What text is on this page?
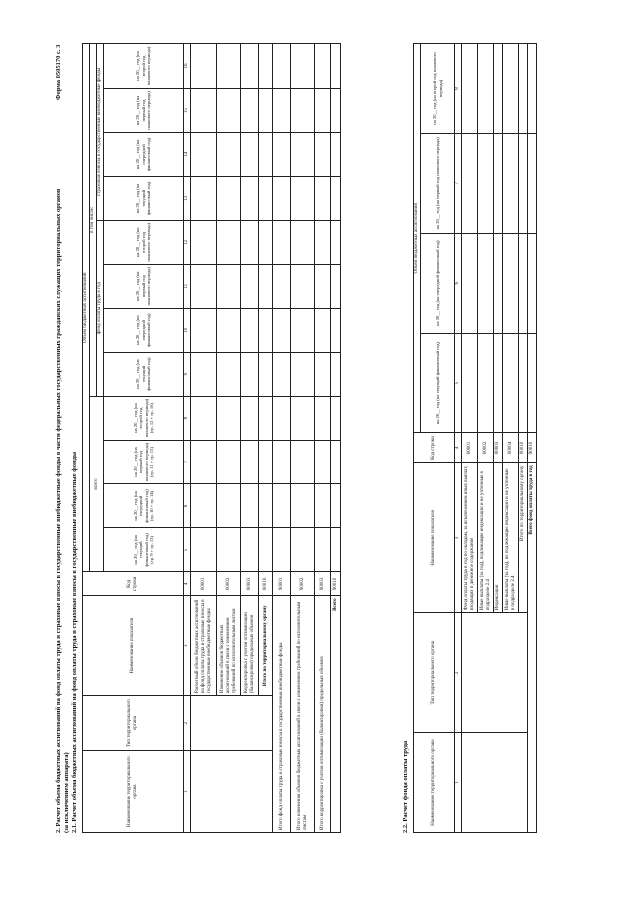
Форма 0505170 с. 3
2. Расчет объема бюджетных ассигнований на фонд оплаты труда и страховые взносы в государственные внебюджетные фонды в части федеральных государственных гражданских служащих территориальных органов (за исключением аппарата) 2.1. Расчет объема бюджетных ассигнований на фонд оплаты труда и страховые взносы в государственные внебюджетные фонды	Наименование территориального органа	Тип территориального органа	Наименование показателя	Код строки	Объем бюджетных ассигнований											
				всего				в том числе:							
								фонд оплаты труда в год				страховые взносы в государственные внебюджетные фонды			
				на 20__ год (на текущий финансовый год) (гр. 9 + гр. 13)	на 20__ год (на очередной финансовый год) (гр. 10 + гр. 14)	на 20__ год (на первый год планового периода) (гр. 11 + гр. 15)	на 20__ год (на второй год планового периода) (гр. 12 + гр. 16)	на 20__ год (на текущий финансовый год)	на 20__ год (на очередной финансовый год)	на 20__ год (на первый год планового периода)	на 20__ год (на второй год планового периода)	на 20__ год (на текущий финансовый год)	на 20__ год (на очередной финансовый год)	на 20__ год (на первый год планового периода)	на 20__ год (на второй год планового периода)
1	2	3	4	5	6	7	8	9	10	11	12	13	14	15	16
		Расчетный объем бюджетных ассигнований на фонд оплаты труда и страховые взносы в государственные внебюджетные фонды	00001												
		Изменение объемов бюджетных ассигнований в связи с изменением требований по исполнительным листам	00002												
		Корректировка с учетом оптимизации (балансировки) предельных объемов	00003												
		Итого по территориальному органу	00010												
Итого фонд оплаты труда и страховые взносы в государственные внебюджетные фонды			90001												
Итого изменения объемов бюджетных ассигнований в связи с изменением требований по исполнительным листам			90002												
Итого корректировка с учетом оптимизации (балансировки) предельных объемов			90003												
Всего			90010												
2.2. Расчет фонда оплаты труда	Наименование территориального органа	Тип территориального органа	Наименование показателя	Код строки	Объем бюджетных ассигнований			
				на 20__ год (на текущий финансовый год)	на 20__ год (на очередной финансовый год)	на 20__ год (на первый год планового периода)	на 20__ год (на второй год планового периода)
1	2	3	4	5	6	7	8
		Фонд оплаты труда в год по окладам, за исключением иных выплат, входящих в денежное содержание	00001				
		Иные выплаты (за год), подлежащие индексации и не учтенные в подразделе 2.4	00002				
		Индексация	00003				
		Иные выплаты (за год), не подлежащие индексации и не учтенные в подразделе 2.4	00004				
		Итого по территориальному органу	00010				
Всего фонд оплаты труда в год			90010				
